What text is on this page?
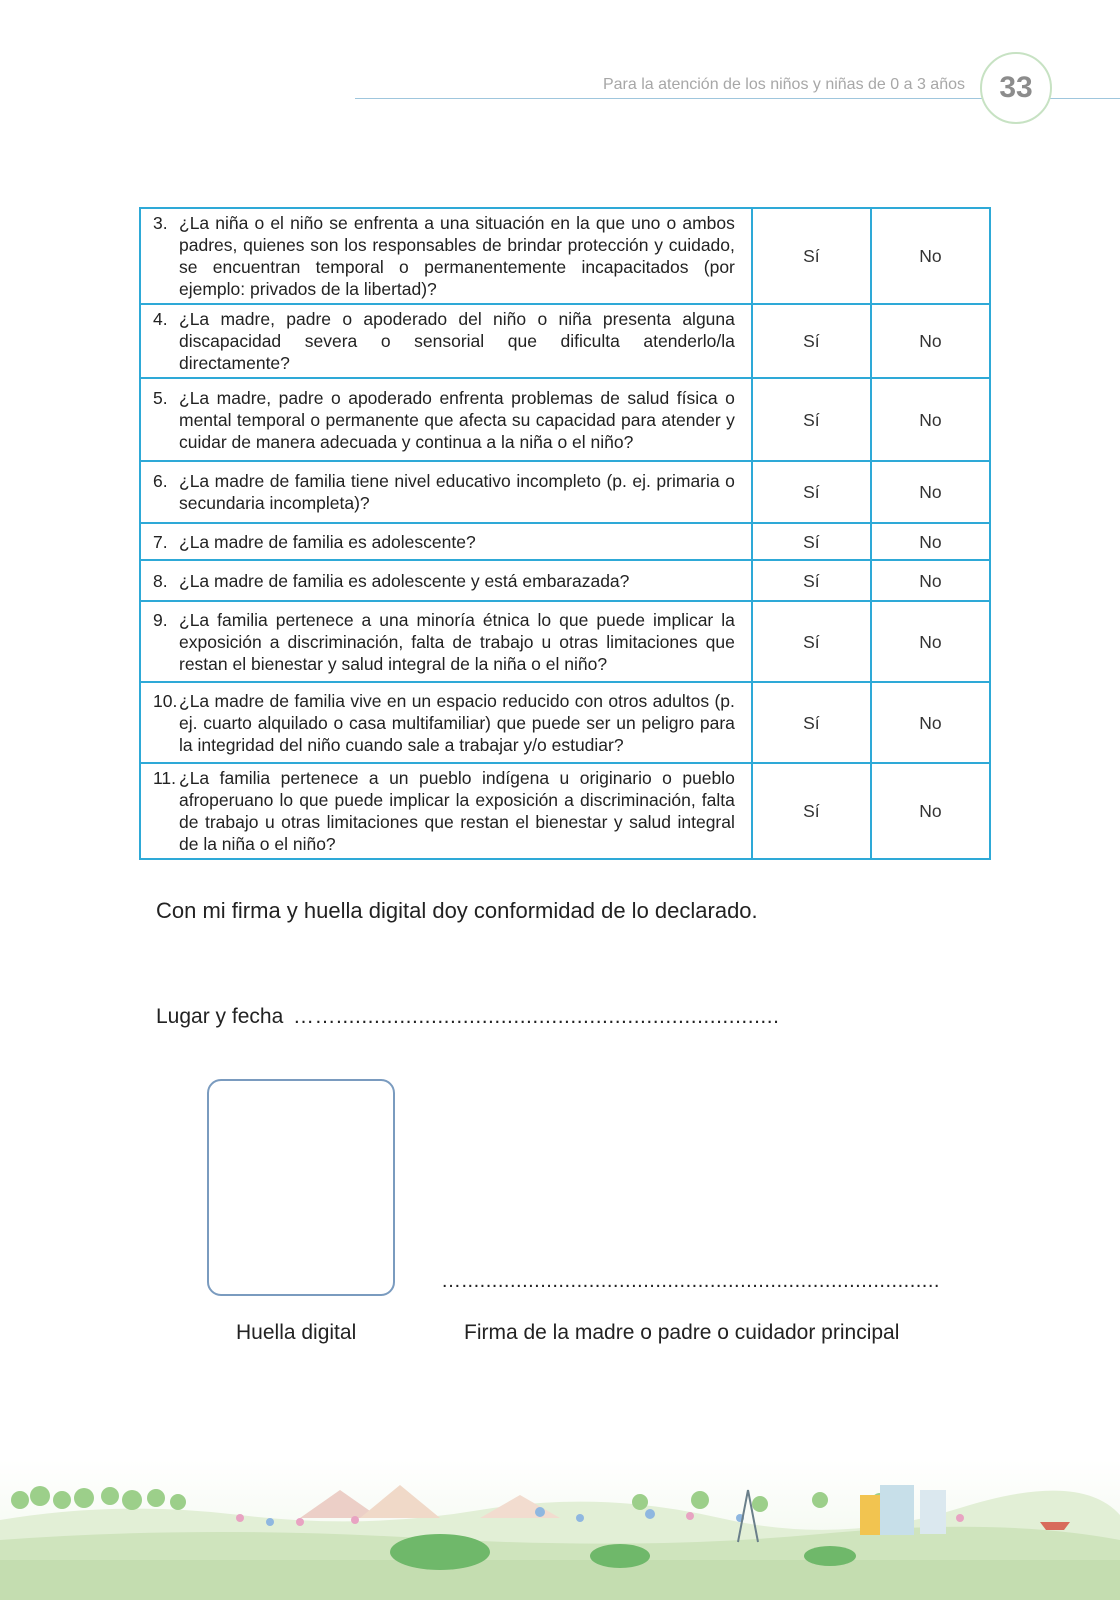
Para la atención de los niños y niñas de 0 a 3 años	33
3. ¿La niña o el niño se enfrenta a una situación en la que uno o ambos padres, quienes son los responsables de brindar protección y cuidado, se encuentran temporal o permanentemente incapacitados (por ejemplo: privados de la libertad)?	Sí	No

4. ¿La madre, padre o apoderado del niño o niña presenta alguna discapacidad severa o sensorial que dificulta atenderlo/la directamente?	Sí	No

5. ¿La madre, padre o apoderado enfrenta problemas de salud física o mental temporal o permanente que afecta su capacidad para atender y cuidar de manera adecuada y continua a la niña o el niño?	Sí	No

6. ¿La madre de familia tiene nivel educativo incompleto (p. ej. primaria o secundaria incompleta)?	Sí	No

7. ¿La madre de familia es adolescente?	Sí	No

8. ¿La madre de familia es adolescente y está embarazada?	Sí	No

9. ¿La familia pertenece a una minoría étnica lo que puede implicar la exposición a discriminación, falta de trabajo u otras limitaciones que restan el bienestar y salud integral de la niña o el niño?	Sí	No

10. ¿La madre de familia vive en un espacio reducido con otros adultos (p. ej. cuarto alquilado o casa multifamiliar) que puede ser un peligro para la integridad del niño cuando sale a trabajar y/o estudiar?	Sí	No

11. ¿La familia pertenece a un pueblo indígena u originario o pueblo afroperuano lo que puede implicar la exposición a discriminación, falta de trabajo u otras limitaciones que restan el bienestar y salud integral de la niña o el niño?	Sí	No
Con mi firma y huella digital doy conformidad de lo declarado.
Lugar y fecha ……......................................................................
…...............................................................................
Huella digital	Firma de la madre o padre o cuidador principal
